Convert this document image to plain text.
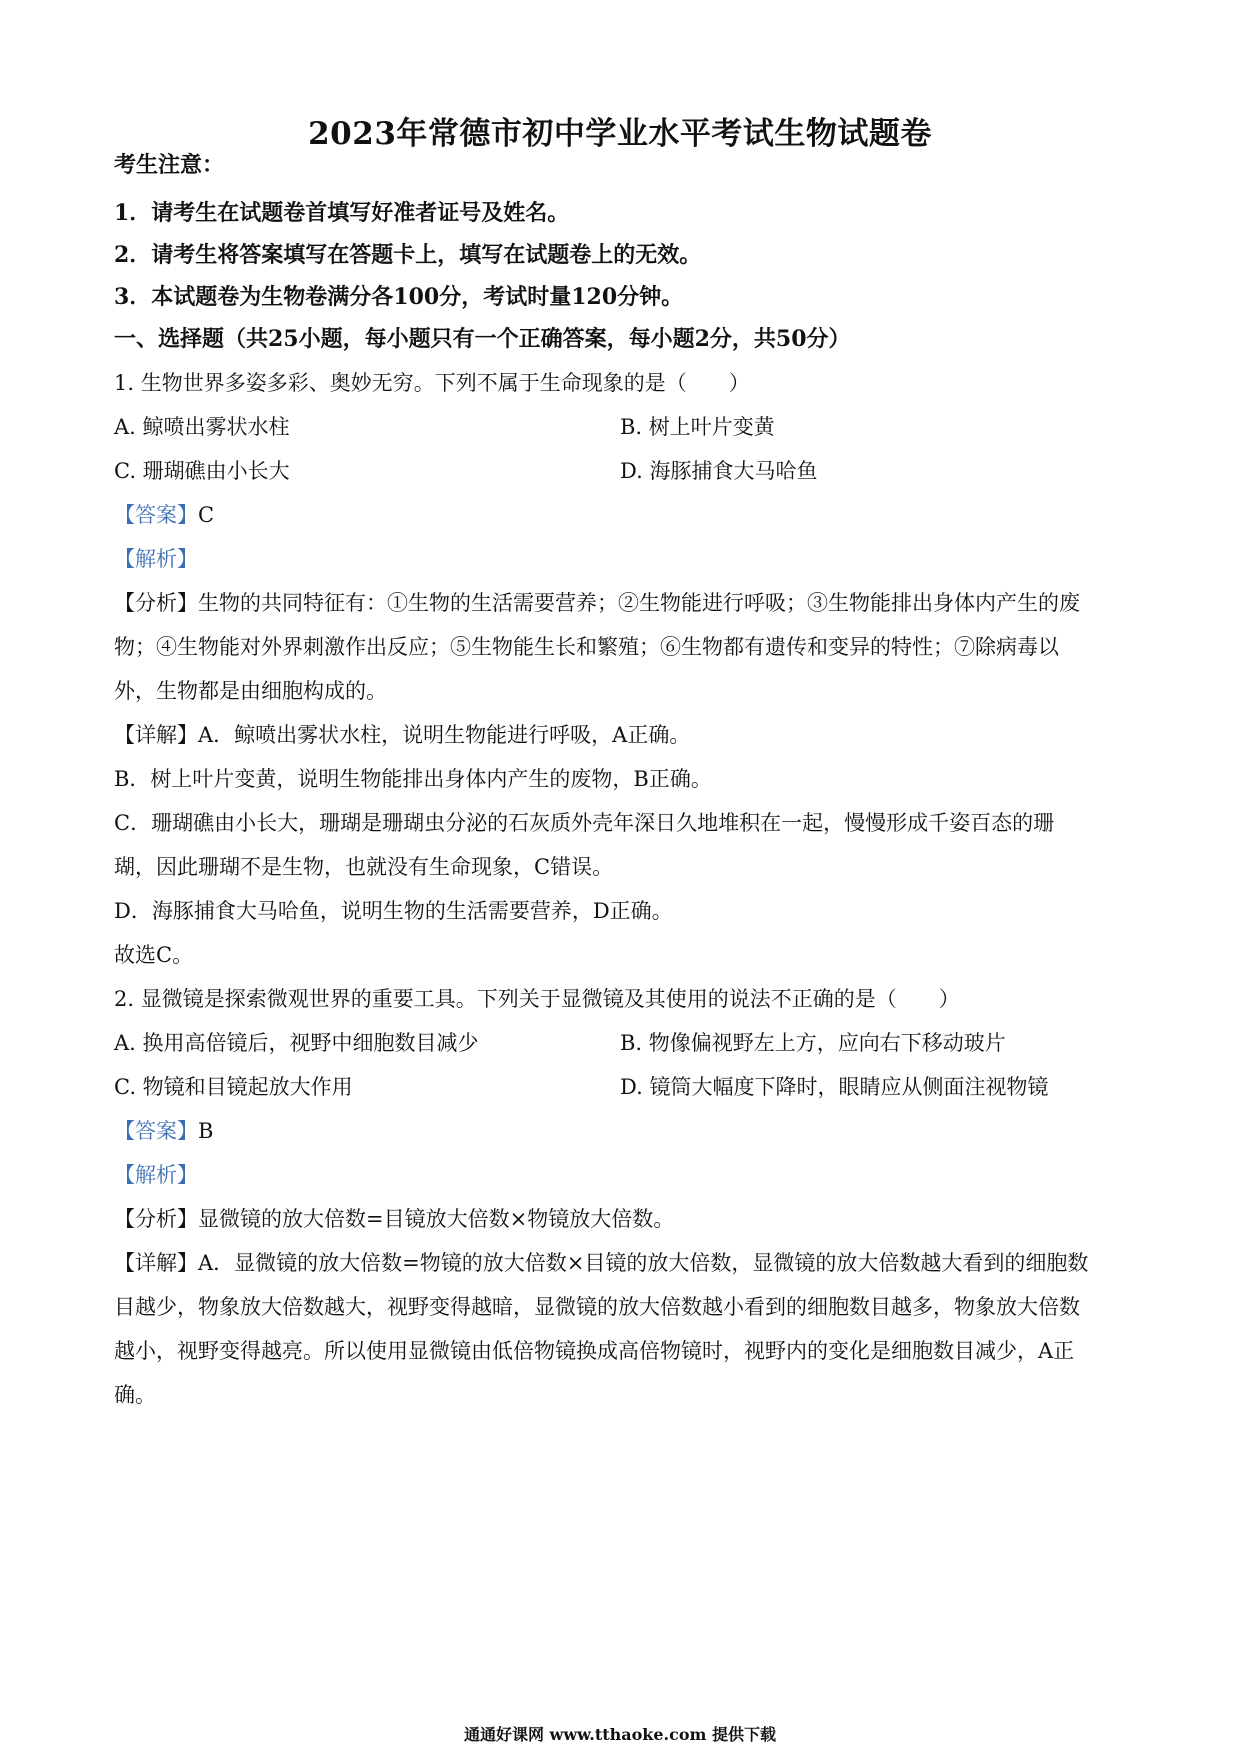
2023年常德市初中学业水平考试生物试题卷
考生注意：
1．请考生在试题卷首填写好准者证号及姓名。
2．请考生将答案填写在答题卡上，填写在试题卷上的无效。
3．本试题卷为生物卷满分各100分，考试时量120分钟。
一、选择题（共25小题，每小题只有一个正确答案，每小题2分，共50分）
1. 生物世界多姿多彩、奥妙无穷。下列不属于生命现象的是（　　）
A. 鲸喷出雾状水柱	B. 树上叶片变黄
C. 珊瑚礁由小长大	D. 海豚捕食大马哈鱼
【答案】C
【解析】
【分析】生物的共同特征有：①生物的生活需要营养；②生物能进行呼吸；③生物能排出身体内产生的废
物；④生物能对外界刺激作出反应；⑤生物能生长和繁殖；⑥生物都有遗传和变异的特性；⑦除病毒以
外，生物都是由细胞构成的。
【详解】A．鲸喷出雾状水柱，说明生物能进行呼吸，A正确。
B．树上叶片变黄，说明生物能排出身体内产生的废物，B正确。
C．珊瑚礁由小长大，珊瑚是珊瑚虫分泌的石灰质外壳年深日久地堆积在一起，慢慢形成千姿百态的珊
瑚，因此珊瑚不是生物，也就没有生命现象，C错误。
D．海豚捕食大马哈鱼，说明生物的生活需要营养，D正确。
故选C。
2. 显微镜是探索微观世界的重要工具。下列关于显微镜及其使用的说法不正确的是（　　）
A. 换用高倍镜后，视野中细胞数目减少	B. 物像偏视野左上方，应向右下移动玻片
C. 物镜和目镜起放大作用	D. 镜筒大幅度下降时，眼睛应从侧面注视物镜
【答案】B
【解析】
【分析】显微镜的放大倍数=目镜放大倍数×物镜放大倍数。
【详解】A．显微镜的放大倍数=物镜的放大倍数×目镜的放大倍数，显微镜的放大倍数越大看到的细胞数
目越少，物象放大倍数越大，视野变得越暗，显微镜的放大倍数越小看到的细胞数目越多，物象放大倍数
越小，视野变得越亮。所以使用显微镜由低倍物镜换成高倍物镜时，视野内的变化是细胞数目减少，A正
确。
通通好课网 www.tthaoke.com 提供下载
